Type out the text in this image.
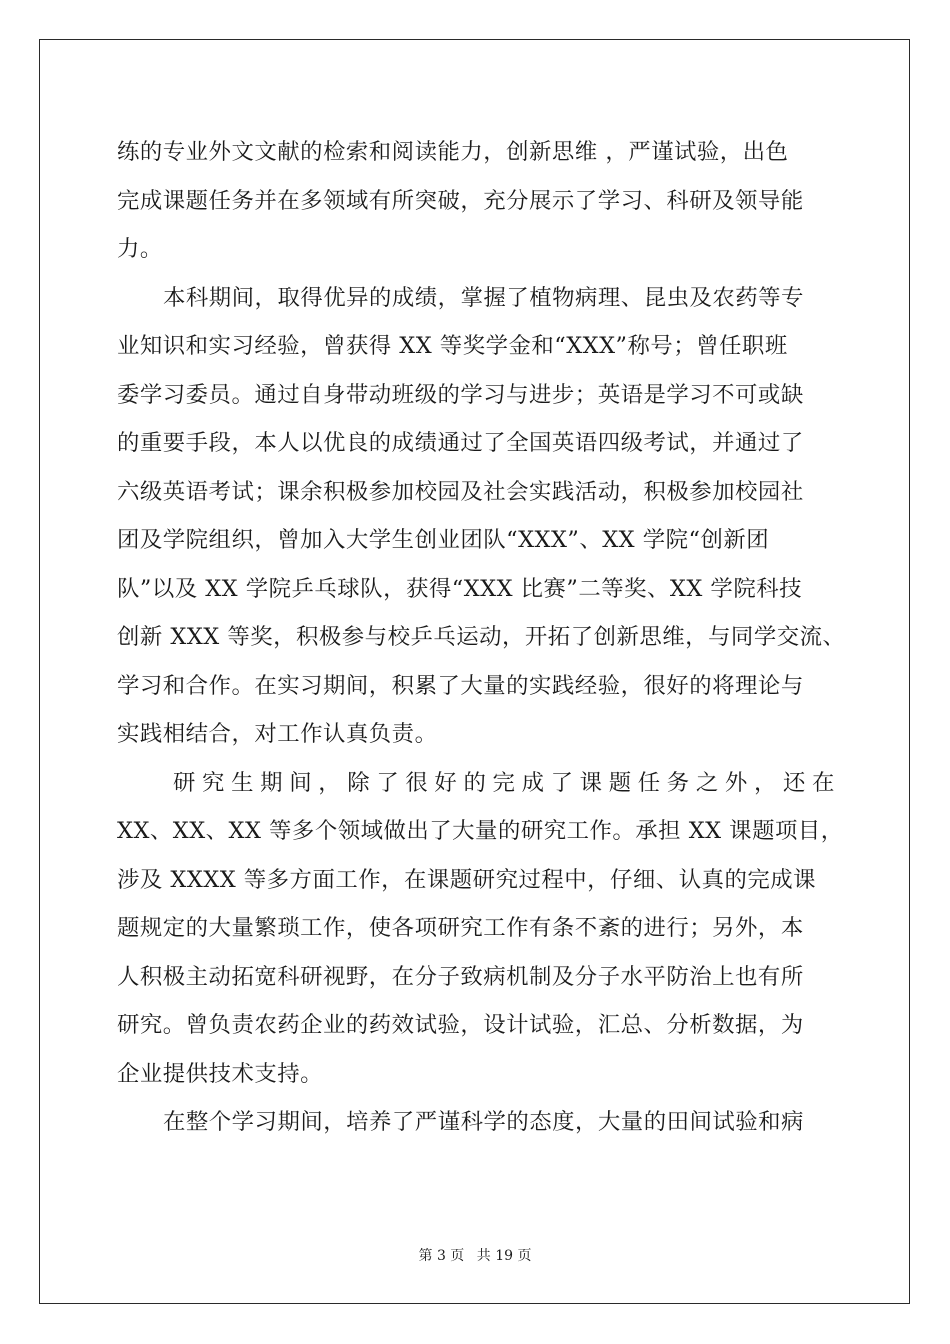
练的专业外文文献的检索和阅读能力，创新思维 ，严谨试验，出色
完成课题任务并在多领域有所突破，充分展示了学习、科研及领导能
力。
本科期间，取得优异的成绩，掌握了植物病理、昆虫及农药等专
业知识和实习经验，曾获得 XX 等奖学金和“XXX”称号；曾任职班
委学习委员。通过自身带动班级的学习与进步；英语是学习不可或缺
的重要手段，本人以优良的成绩通过了全国英语四级考试，并通过了
六级英语考试；课余积极参加校园及社会实践活动，积极参加校园社
团及学院组织，曾加入大学生创业团队“XXX”、XX 学院“创新团
队”以及 XX 学院乒乓球队，获得“XXX 比赛”二等奖、XX 学院科技
创新 XXX 等奖，积极参与校乒乓运动，开拓了创新思维，与同学交流、
学习和合作。在实习期间，积累了大量的实践经验，很好的将理论与
实践相结合，对工作认真负责。
研 究 生 期 间 ， 除 了 很 好 的 完 成 了 课 题 任 务 之 外 ， 还 在
XX、XX、XX 等多个领域做出了大量的研究工作。承担 XX 课题项目，
涉及 XXXX 等多方面工作，在课题研究过程中，仔细、认真的完成课
题规定的大量繁琐工作，使各项研究工作有条不紊的进行；另外，本
人积极主动拓宽科研视野，在分子致病机制及分子水平防治上也有所
研究。曾负责农药企业的药效试验，设计试验，汇总、分析数据，为
企业提供技术支持。
在整个学习期间，培养了严谨科学的态度，大量的田间试验和病
第 3 页 共 19 页
